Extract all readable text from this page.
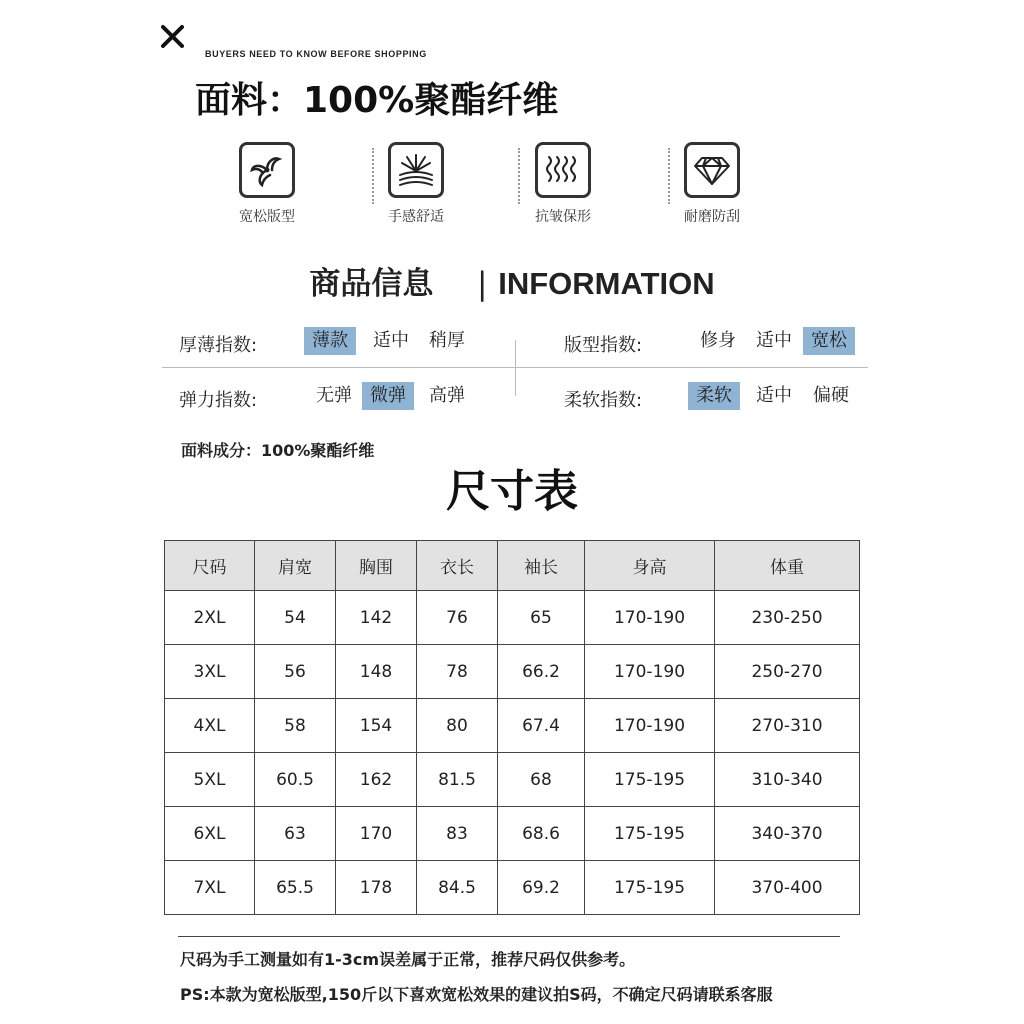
BUYERS NEED TO KNOW BEFORE SHOPPING
面料：100%聚酯纤维
宽松版型	手感舒适	抗皱保形	耐磨防刮
商品信息 | INFORMATION
厚薄指数:	薄款	适中	稍厚	版型指数:	修身	适中	宽松
弹力指数:	无弹	微弹	高弹	柔软指数:	柔软	适中	偏硬
面料成分：100%聚酯纤维
尺寸表
尺码	肩宽	胸围	衣长	袖长	身高	体重
2XL	54	142	76	65	170-190	230-250
3XL	56	148	78	66.2	170-190	250-270
4XL	58	154	80	67.4	170-190	270-310
5XL	60.5	162	81.5	68	175-195	310-340
6XL	63	170	83	68.6	175-195	340-370
7XL	65.5	178	84.5	69.2	175-195	370-400
尺码为手工测量如有1-3cm误差属于正常，推荐尺码仅供参考。
PS:本款为宽松版型,150斤以下喜欢宽松效果的建议拍S码，不确定尺码请联系客服
